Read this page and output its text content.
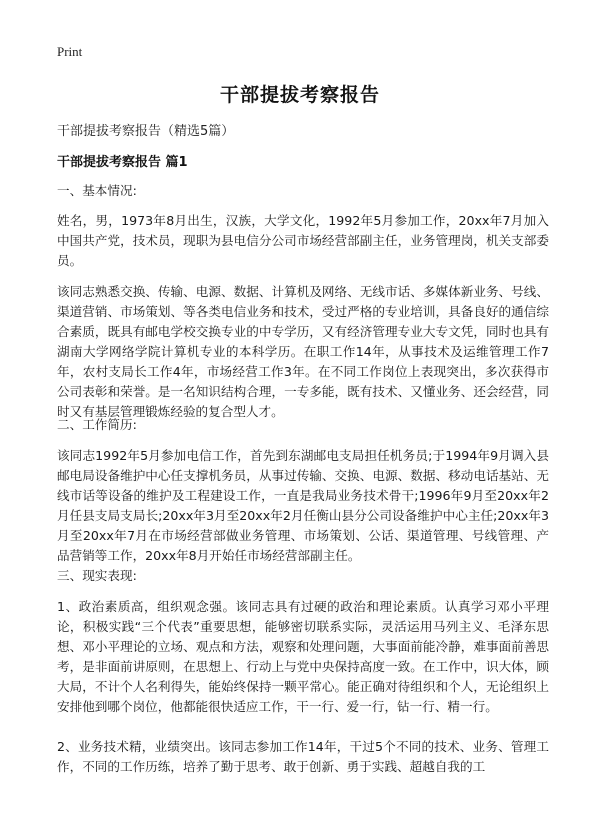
Print
干部提拔考察报告
干部提拔考察报告（精选5篇）
干部提拔考察报告 篇1
一、基本情况:
姓名，男，1973年8月出生，汉族，大学文化，1992年5月参加工作，20xx年7月加入中国共产党，技术员，现职为县电信分公司市场经营部副主任，业务管理岗，机关支部委员。
该同志熟悉交换、传输、电源、数据、计算机及网络、无线市话、多媒体新业务、号线、渠道营销、市场策划、等各类电信业务和技术，受过严格的专业培训，具备良好的通信综合素质，既具有邮电学校交换专业的中专学历，又有经济管理专业大专文凭，同时也具有湖南大学网络学院计算机专业的本科学历。在职工作14年，从事技术及运维管理工作7年，农村支局长工作4年，市场经营工作3年。在不同工作岗位上表现突出，多次获得市公司表彰和荣誉。是一名知识结构合理，一专多能，既有技术、又懂业务、还会经营，同时又有基层管理锻炼经验的复合型人才。
二、工作简历:
该同志1992年5月参加电信工作，首先到东湖邮电支局担任机务员;于1994年9月调入县邮电局设备维护中心任支撑机务员，从事过传输、交换、电源、数据、移动电话基站、无线市话等设备的维护及工程建设工作，一直是我局业务技术骨干;1996年9月至20xx年2月任县支局支局长;20xx年3月至20xx年2月任衡山县分公司设备维护中心主任;20xx年3月至20xx年7月在市场经营部做业务管理、市场策划、公话、渠道管理、号线管理、产品营销等工作，20xx年8月开始任市场经营部副主任。
三、现实表现:
1、政治素质高，组织观念强。该同志具有过硬的政治和理论素质。认真学习邓小平理论，积极实践“三个代表”重要思想，能够密切联系实际，灵活运用马列主义、毛泽东思想、邓小平理论的立场、观点和方法，观察和处理问题，大事面前能冷静，难事面前善思考，是非面前讲原则，在思想上、行动上与党中央保持高度一致。在工作中，识大体，顾大局，不计个人名利得失，能始终保持一颗平常心。能正确对待组织和个人，无论组织上安排他到哪个岗位，他都能很快适应工作，干一行、爱一行，钻一行、精一行。
2、业务技术精，业绩突出。该同志参加工作14年，干过5个不同的技术、业务、管理工作，不同的工作历练，培养了勤于思考、敢于创新、勇于实践、超越自我的工
